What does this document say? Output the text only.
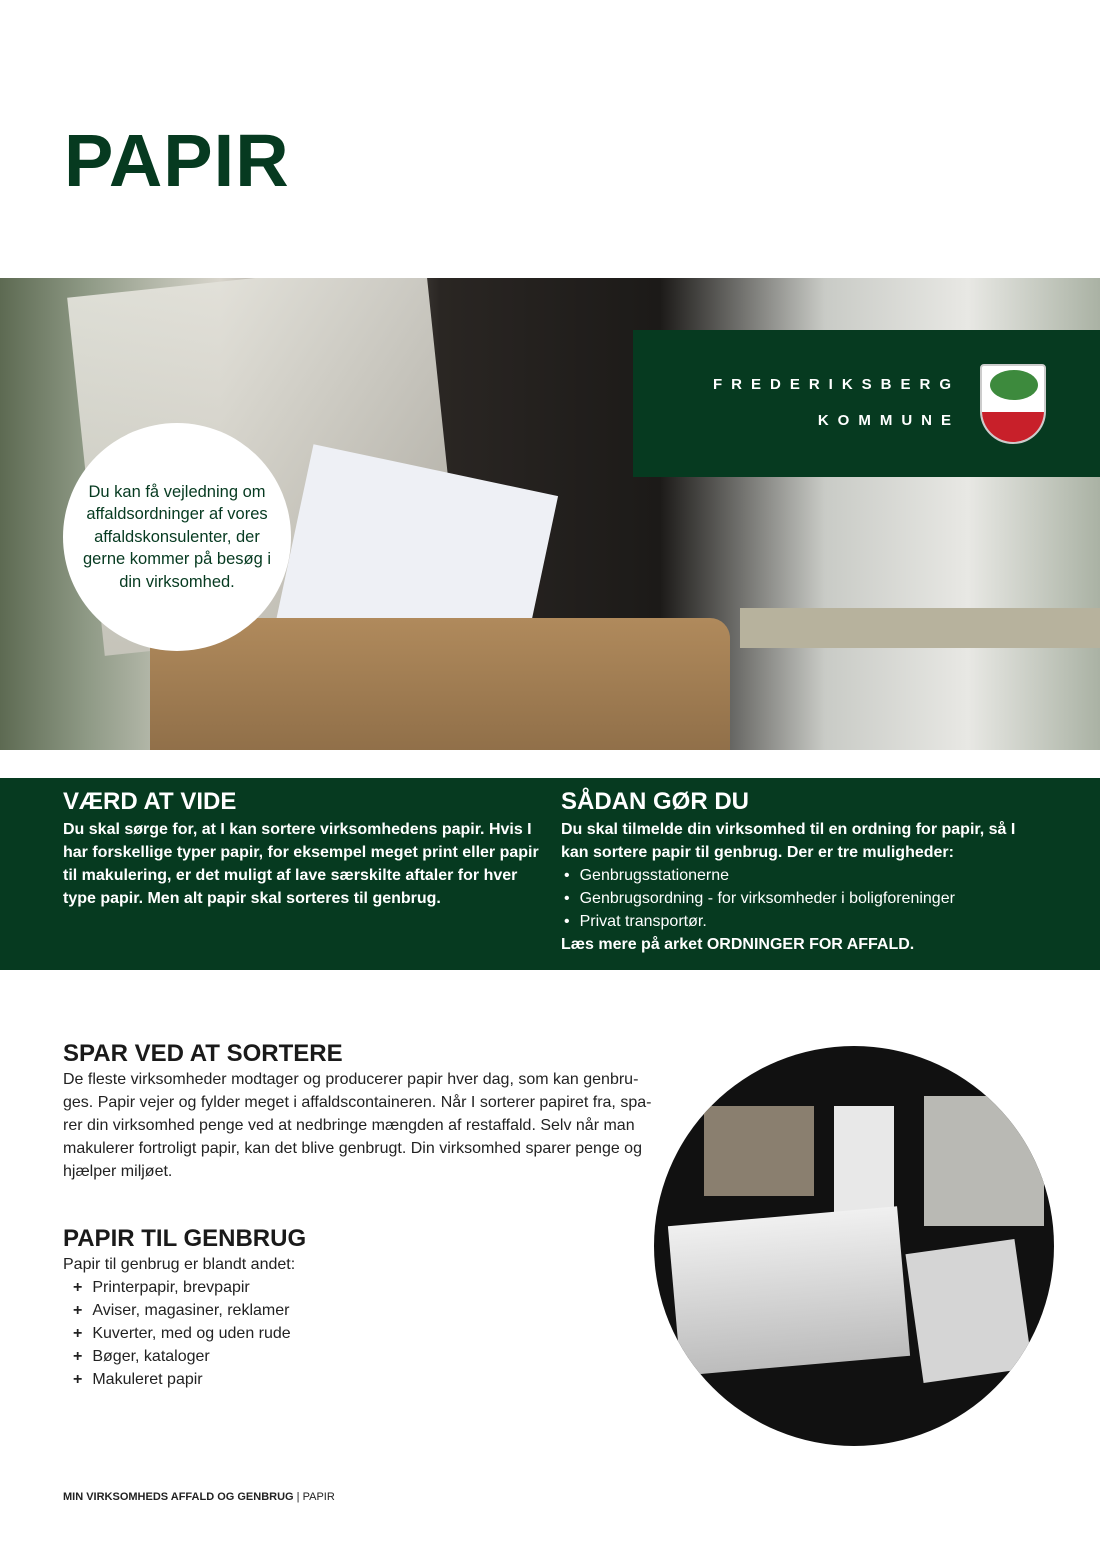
PAPIR
FREDERIKSBERG
KOMMUNE
Du kan få vejledning om affaldsordninger af vores affaldskonsulenter, der gerne kommer på besøg i din virksomhed.
VÆRD AT VIDE

Du skal sørge for, at I kan sortere virksomhedens papir. Hvis I har forskellige typer papir, for eksempel meget print eller papir til makulering, er det muligt af lave særskilte aftaler for hver type papir. Men alt papir skal sorteres til genbrug.

SÅDAN GØR DU

Du skal tilmelde din virksomhed til en ordning for papir, så I kan sortere papir til genbrug. Der er tre muligheder:

• Genbrugsstationerne
• Genbrugsordning - for virksomheder i boligforeninger
• Privat transportør.

Læs mere på arket ORDNINGER FOR AFFALD.

SPAR VED AT SORTERE
De fleste virksomheder modtager og producerer papir hver dag, som kan genbru-
ges. Papir vejer og fylder meget i affaldscontaineren. Når I sorterer papiret fra, spa-
rer din virksomhed penge ved at nedbringe mængden af restaffald. Selv når man
makulerer fortroligt papir, kan det blive genbrugt. Din virksomhed sparer penge og
hjælper miljøet.
PAPIR TIL GENBRUG
Papir til genbrug er blandt andet:
+ Printerpapir, brevpapir
+ Aviser, magasiner, reklamer
+ Kuverter, med og uden rude
+ Bøger, kataloger
+ Makuleret papir
MIN VIRKSOMHEDS AFFALD OG GENBRUG | PAPIR
